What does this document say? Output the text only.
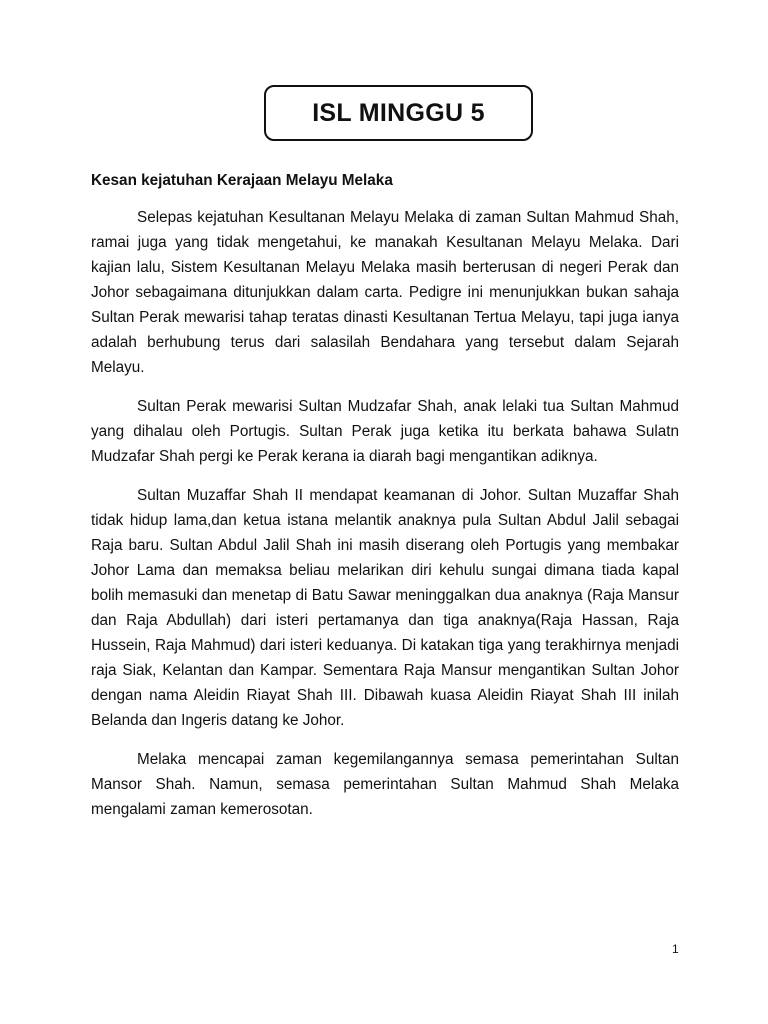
ISL MINGGU 5

Kesan kejatuhan Kerajaan Melayu Melaka

Selepas kejatuhan Kesultanan Melayu Melaka di zaman Sultan Mahmud Shah, ramai juga yang tidak mengetahui, ke manakah Kesultanan Melayu Melaka. Dari kajian lalu, Sistem Kesultanan Melayu Melaka masih berterusan di negeri Perak dan Johor sebagaimana ditunjukkan dalam carta. Pedigre ini menunjukkan bukan sahaja Sultan Perak mewarisi tahap teratas dinasti Kesultanan Tertua Melayu, tapi juga ianya adalah berhubung terus dari salasilah Bendahara yang tersebut dalam Sejarah Melayu.

Sultan Perak mewarisi Sultan Mudzafar Shah, anak lelaki tua Sultan Mahmud yang dihalau oleh Portugis. Sultan Perak juga ketika itu berkata bahawa Sulatn Mudzafar Shah pergi ke Perak kerana ia diarah bagi mengantikan adiknya.

Sultan Muzaffar Shah II mendapat keamanan di Johor. Sultan Muzaffar Shah tidak hidup lama,dan ketua istana melantik anaknya pula Sultan Abdul Jalil sebagai Raja baru. Sultan Abdul Jalil Shah ini masih diserang oleh Portugis yang membakar Johor Lama dan memaksa beliau melarikan diri kehulu sungai dimana tiada kapal bolih memasuki dan menetap di Batu Sawar meninggalkan dua anaknya (Raja Mansur dan Raja Abdullah) dari isteri pertamanya dan tiga anaknya(Raja Hassan, Raja Hussein, Raja Mahmud) dari isteri keduanya. Di katakan tiga yang terakhirnya menjadi raja Siak, Kelantan dan Kampar. Sementara Raja Mansur mengantikan Sultan Johor dengan nama Aleidin Riayat Shah III. Dibawah kuasa Aleidin Riayat Shah III inilah Belanda dan Ingeris datang ke Johor.

Melaka mencapai zaman kegemilangannya semasa pemerintahan Sultan Mansor Shah. Namun, semasa pemerintahan Sultan Mahmud Shah Melaka mengalami zaman kemerosotan.

1
